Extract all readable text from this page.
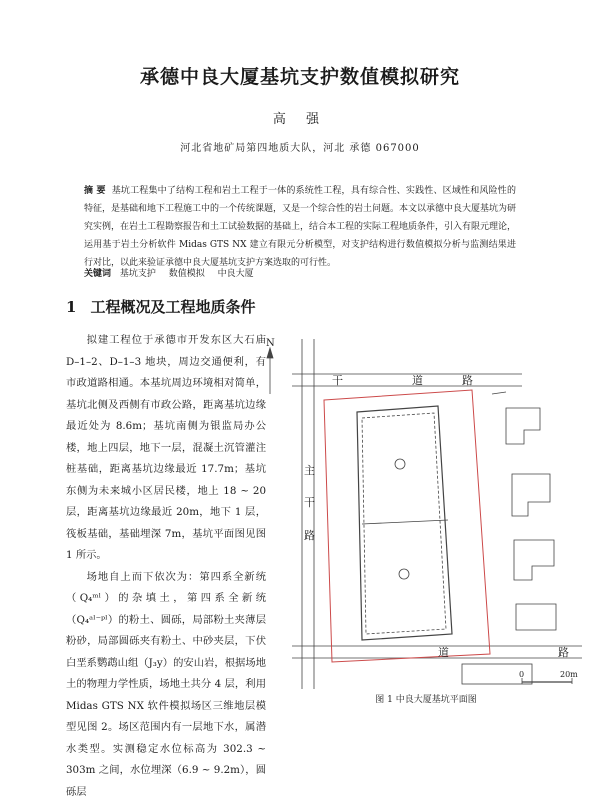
承德中良大厦基坑支护数值模拟研究
高 强
河北省地矿局第四地质大队，河北 承德 067000
摘 要 基坑工程集中了结构工程和岩土工程于一体的系统性工程，具有综合性、实践性、区域性和风险性的特征，是基础和地下工程施工中的一个传统课题，又是一个综合性的岩土问题。本文以承德中良大厦基坑为研究实例，在岩土工程勘察报告和土工试验数据的基础上，结合本工程的实际工程地质条件，引入有限元理论，运用基于岩土分析软件 Midas GTS NX 建立有限元分析模型，对支护结构进行数值模拟分析与监测结果进行对比，以此来验证承德中良大厦基坑支护方案选取的可行性。
关键词 基坑支护 数值模拟 中良大厦
1 工程概况及工程地质条件

拟建工程位于承德市开发东区大石庙 D–1–2、D–1–3 地块，周边交通便利，有市政道路相通。本基坑周边环境相对简单，基坑北侧及西侧有市政公路，距离基坑边缘最近处为 8.6m；基坑南侧为银监局办公楼，地上四层，地下一层，混凝土沉管灌注桩基础，距离基坑边缘最近 17.7m；基坑东侧为未来城小区居民楼，地上 18 ~ 20 层，距离基坑边缘最近 20m，地下 1 层，筏板基础，基础埋深 7m，基坑平面图见图 1 所示。

场地自上而下依次为：第四系全新统（Q₄ᵐˡ）的杂填土，第四系全新统（Q₄ᵃˡ⁻ᵖˡ）的粉土、圆砾，局部粉土夹薄层粉砂，局部圆砾夹有粉土、中砂夹层，下伏白垩系鹦鹉山组（J₃y）的安山岩，根据场地土的物理力学性质，场地土共分 4 层，利用 Midas GTS NX 软件模拟场区三维地层模型见图 2。场区范围内有一层地下水，属潜水类型。实测稳定水位标高为 302.3 ~ 303m 之间，水位埋深（6.9 ~ 9.2m），圆砾层

N
干	道	路
主
干
路
道	路
0	20m
图 1 中良大厦基坑平面图
